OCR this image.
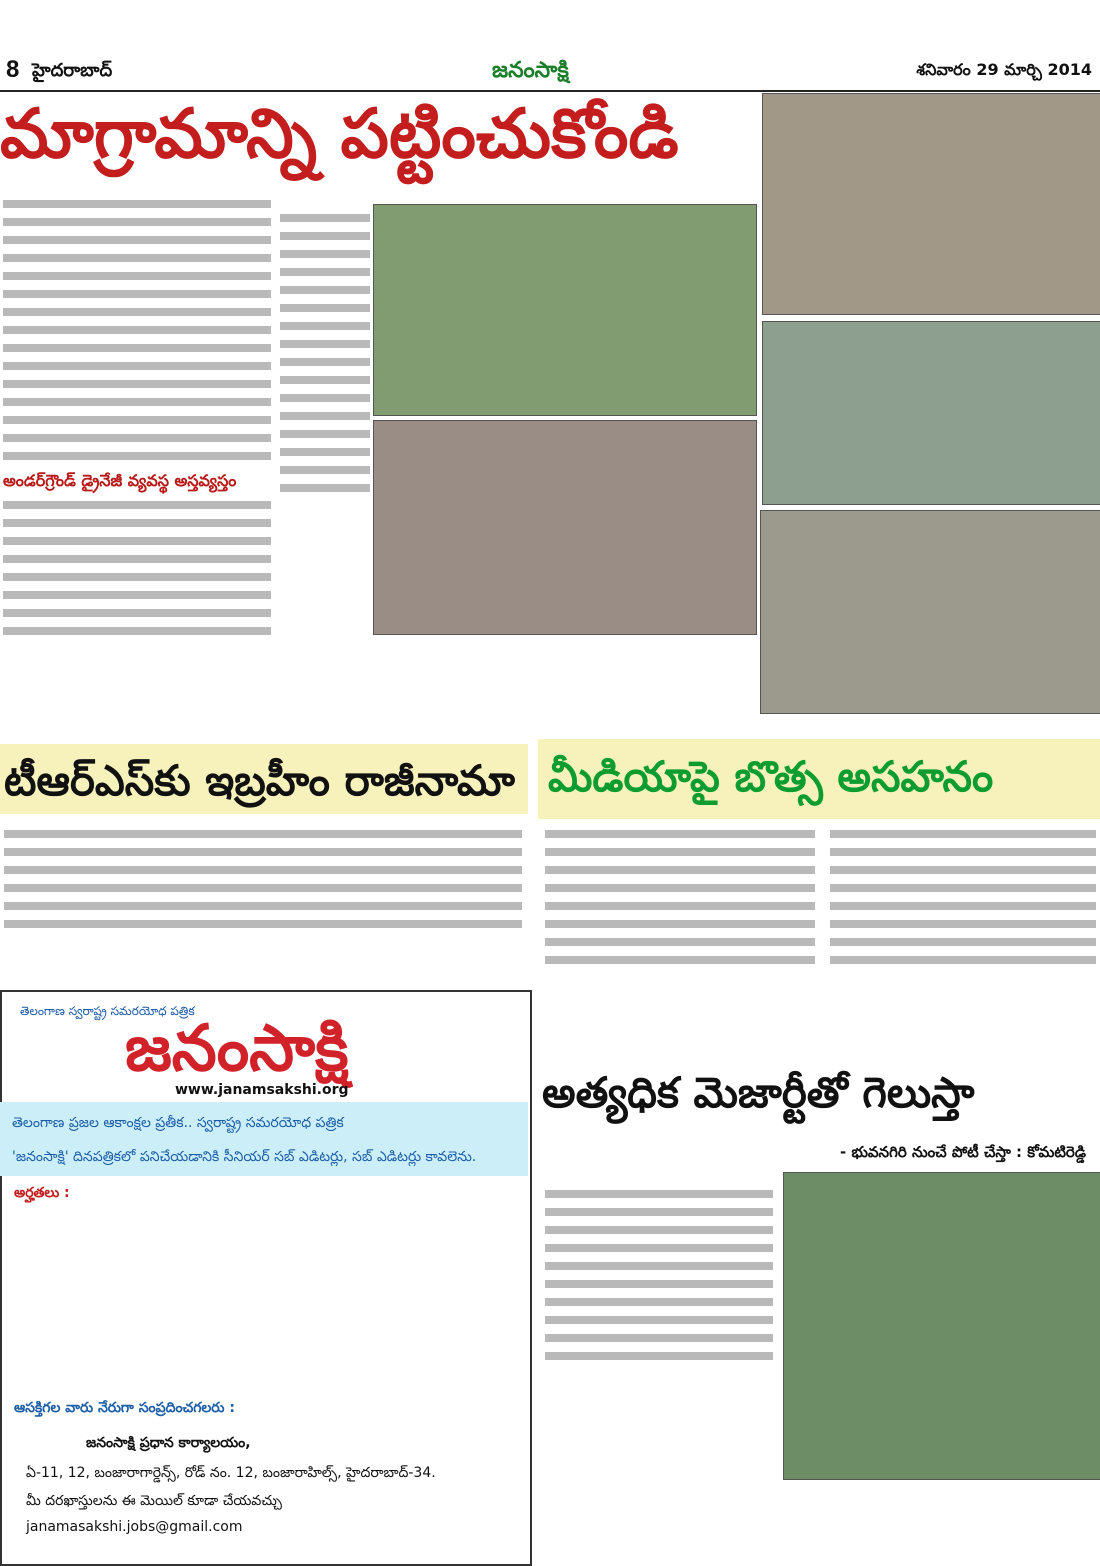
8 హైదరాబాద్	జనంసాక్షి	శనివారం 29 మార్చి 2014
మాగ్రామాన్ని పట్టించుకోండి
అండర్‌గ్రౌండ్ డ్రైనేజీ వ్యవస్థ అస్తవ్యస్తం
టీఆర్ఎస్‌కు ఇబ్రహీం రాజీనామా మీడియాపై బొత్స అసహనం
తెలంగాణ స్వరాష్ట్ర సమరయోధ పత్రిక
జనంసాక్షి
www.janamsakshi.org
తెలంగాణ ప్రజల ఆకాంక్షల ప్రతీక.. స్వరాష్ట్ర సమరయోధ పత్రిక
'జనంసాక్షి' దినపత్రికలో పనిచేయడానికి సీనియర్ సబ్ ఎడిటర్లు, సబ్ ఎడిటర్లు కావలెను.
అర్హతలు :
ఆసక్తిగల వారు నేరుగా సంప్రదించగలరు :
జనంసాక్షి ప్రధాన కార్యాలయం,
ఏ-11, 12, బంజారాగార్డెన్స్, రోడ్ నం. 12, బంజారాహిల్స్, హైదరాబాద్-34.
మీ దరఖాస్తులను ఈ మెయిల్ కూడా చేయవచ్చు
janamasakshi.jobs@gmail.com
అత్యధిక మెజార్టీతో గెలుస్తా
- భువనగిరి నుంచే పోటీ చేస్తా : కోమటిరెడ్డి
